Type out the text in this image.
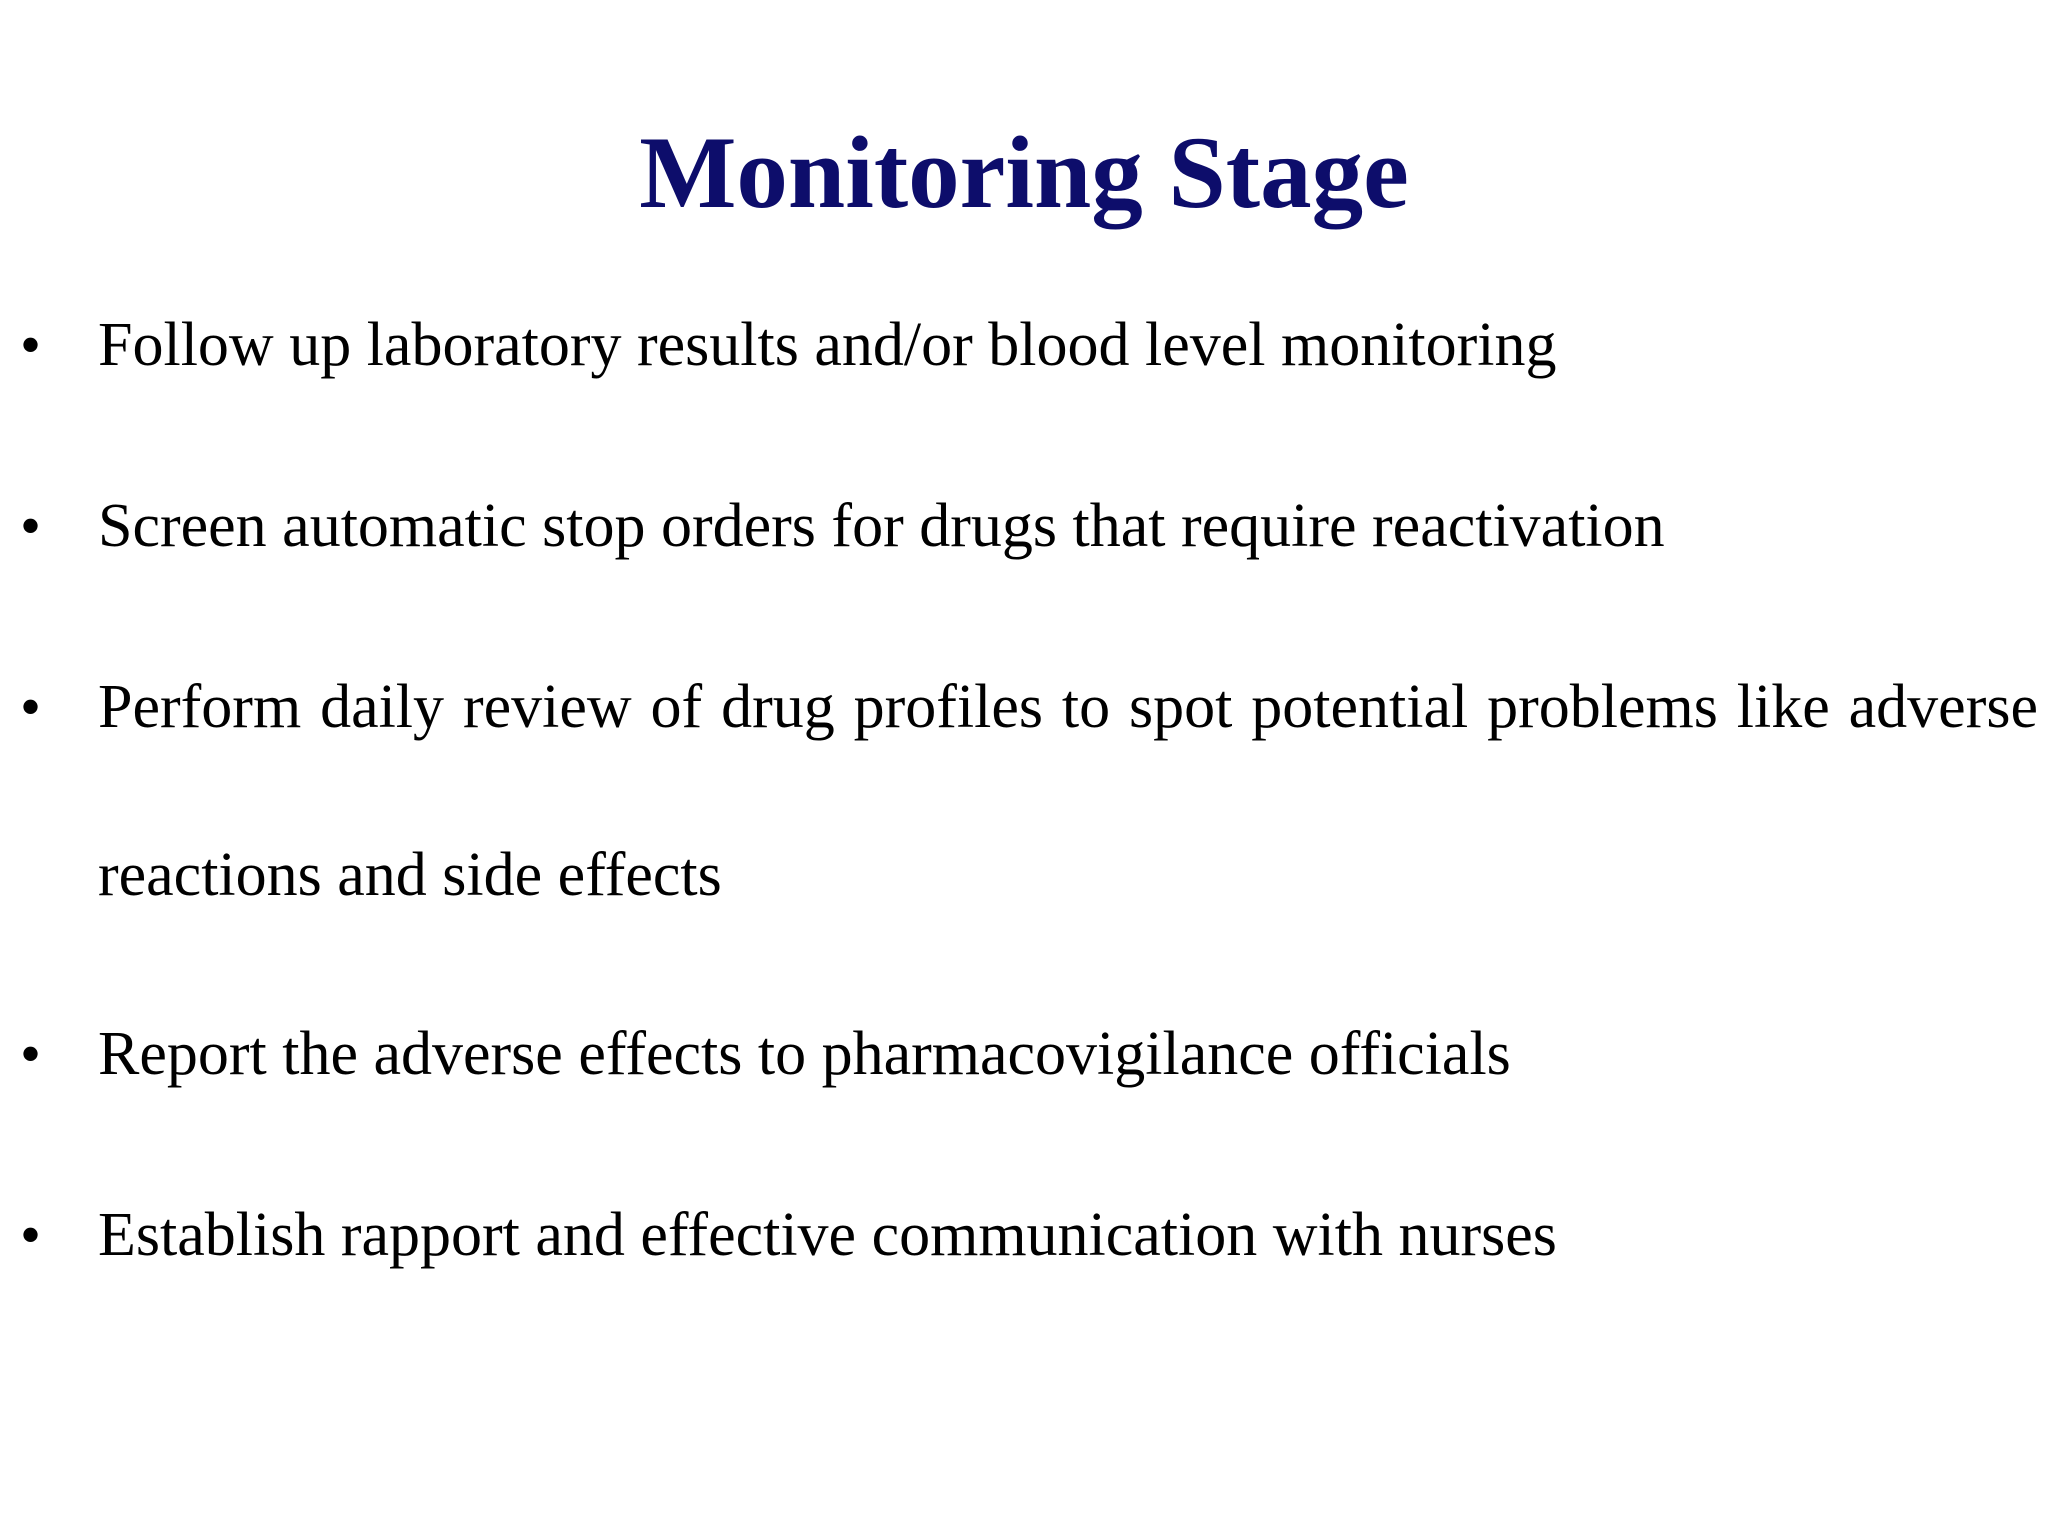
Monitoring Stage
• Follow up laboratory results and/or blood level monitoring
• Screen automatic stop orders for drugs that require reactivation
• Perform daily review of drug profiles to spot potential problems like adverse reactions and side effects
• Report the adverse effects to pharmacovigilance officials
• Establish rapport and effective communication with nurses
